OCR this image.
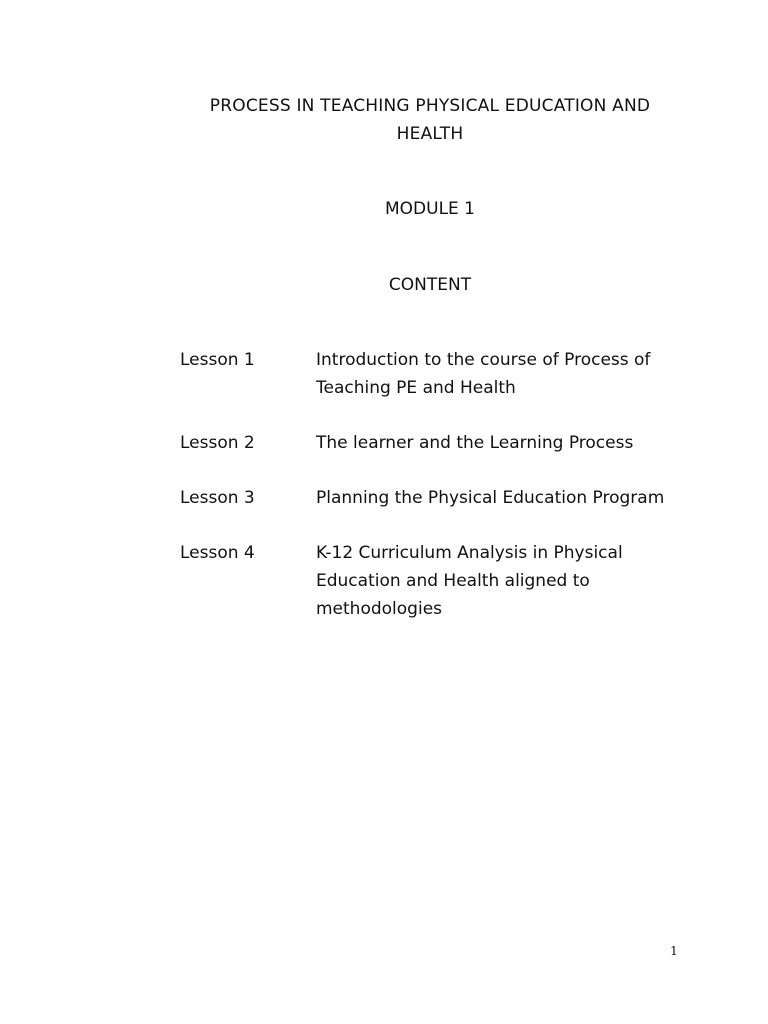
PROCESS IN TEACHING PHYSICAL EDUCATION AND HEALTH
MODULE 1
CONTENT
Lesson 1	Introduction to the course of Process of Teaching PE and Health
Lesson 2	The learner and the Learning Process
Lesson 3	Planning the Physical Education Program
Lesson 4	K-12 Curriculum Analysis in Physical Education and Health aligned to methodologies
1
